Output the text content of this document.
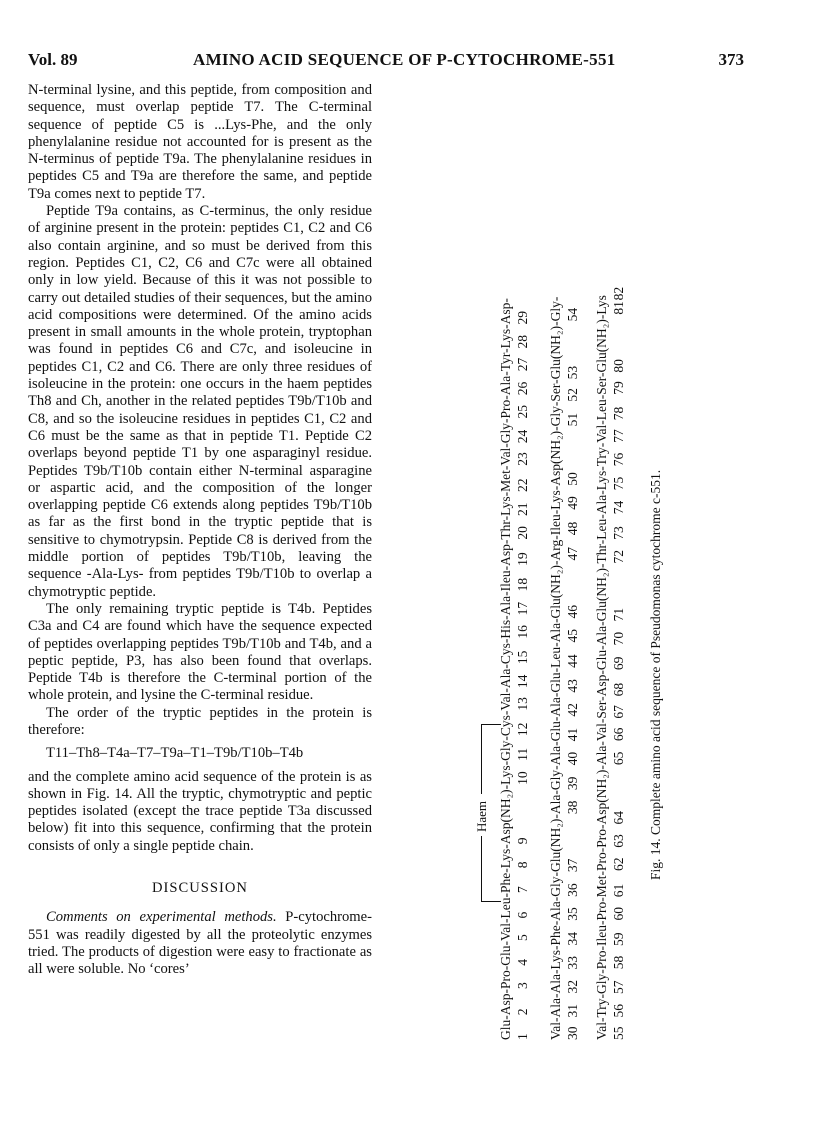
Vol. 89	AMINO ACID SEQUENCE OF P-CYTOCHROME-551	373

N-terminal lysine, and this peptide, from composition and sequence, must overlap peptide T7. The C-terminal sequence of peptide C5 is ...Lys-Phe, and the only phenylalanine residue not accounted for is present as the N-terminus of peptide T9a. The phenylalanine residues in peptides C5 and T9a are therefore the same, and peptide T9a comes next to peptide T7.

Peptide T9a contains, as C-terminus, the only residue of arginine present in the protein: peptides C1, C2 and C6 also contain arginine, and so must be derived from this region. Peptides C1, C2, C6 and C7c were all obtained only in low yield. Because of this it was not possible to carry out detailed studies of their sequences, but the amino acid compositions were determined. Of the amino acids present in small amounts in the whole protein, tryptophan was found in peptides C6 and C7c, and isoleucine in peptides C1, C2 and C6. There are only three residues of isoleucine in the protein: one occurs in the haem peptides Th8 and Ch, another in the related peptides T9b/T10b and C8, and so the isoleucine residues in peptides C1, C2 and C6 must be the same as that in peptide T1. Peptide C2 overlaps beyond peptide T1 by one asparaginyl residue. Peptides T9b/T10b contain either N-terminal asparagine or aspartic acid, and the composition of the longer overlapping peptide C6 extends along peptides T9b/T10b as far as the first bond in the tryptic peptide that is sensitive to chymotrypsin. Peptide C8 is derived from the middle portion of peptides T9b/T10b, leaving the sequence -Ala-Lys- from peptides T9b/T10b to overlap a chymotryptic peptide.

The only remaining tryptic peptide is T4b. Peptides C3a and C4 are found which have the sequence expected of peptides overlapping peptides T9b/T10b and T4b, and a peptic peptide, P3, has also been found that overlaps. Peptide T4b is therefore the C-terminal portion of the whole protein, and lysine the C-terminal residue.

The order of the tryptic peptides in the protein is therefore:

T11–Th8–T4a–T7–T9a–T1–T9b/T10b–T4b

and the complete amino acid sequence of the protein is as shown in Fig. 14. All the tryptic, chymotryptic and peptic peptides isolated (except the trace peptide T3a discussed below) fit into this sequence, confirming that the protein consists of only a single peptide chain.

DISCUSSION

Comments on experimental methods. P-cytochrome-551 was readily digested by all the proteolytic enzymes tried. The products of digestion were easy to fractionate as all were soluble. No ‘cores’

Haem Glu-Asp-Pro-Glu-Val-Leu-Phe-Lys-Asp(NH₂)-Lys-Gly-Cys-Val-Ala-Cys-His-Ala-Ileu-Asp-Thr-Lys-Met-Val-Gly-Pro-Ala-Tyr-Lys-Asp- 1
2
3
4
5
6
7
8
9
10
11
12
13
14
15
16
17
18
19
20
21
22
23
24
25
26
27
28
29 Val-Ala-Ala-Lys-Phe-Ala-Gly-Glu(NH₂)-Ala-Gly-Ala-Glu-Ala-Glu-Leu-Ala-Glu(NH₂)-Arg-Ileu-Lys-Asp(NH₂)-Gly-Ser-Glu(NH₂)-Gly- 30
31
32
33
34
35
36
37
38
39
40
41
42
43
44
45
46
47
48
49
50
51
52
53
54 Val-Try-Gly-Pro-Ileu-Pro-Met-Pro-Pro-Asp(NH₂)-Ala-Val-Ser-Asp-Glu-Ala-Glu(NH₂)-Thr-Leu-Ala-Lys-Try-Val-Leu-Ser-Glu(NH₂)-Lys 55
56
57
58
59
60
61
62
63
64
65
66
67
68
69
70
71
72
73
74
75
76
77
78
79
80
81
82
Fig. 14. Complete amino acid sequence of Pseudomonas cytochrome c-551.
